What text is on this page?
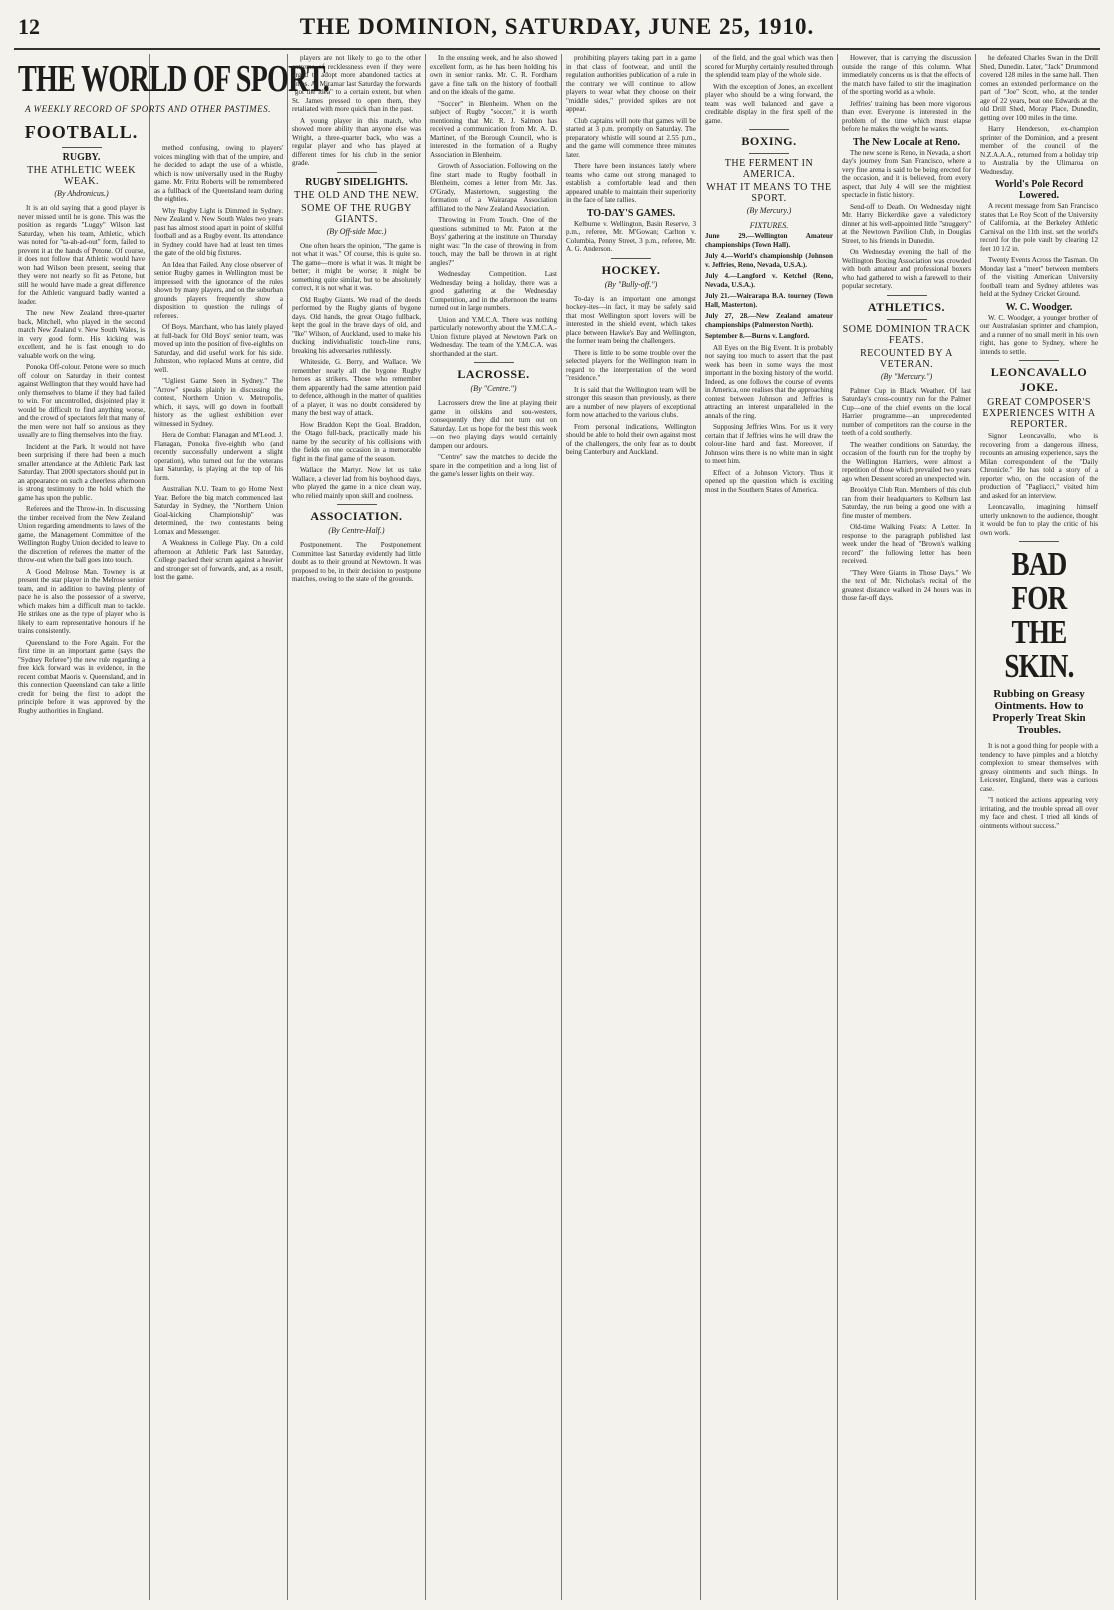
12	THE DOMINION, SATURDAY, JUNE 25, 1910.
THE WORLD OF SPORT.
A WEEKLY RECORD OF SPORTS AND OTHER PASTIMES.
FOOTBALL.
RUGBY.
THE ATHLETIC WEEK WEAK.
(By Ahdronicus.)

It is an old saying that a good player is never missed until he is gone. This was the position as regards "Luggy" Wilson last Saturday, when his team, Athletic, which was noted for "ta-ah-ad-out" form, failed to prevent it at the hands of Petone. Of course, it does not follow that Athletic would have won had Wilson been present, seeing that they were not nearly so fit as Petone, but still he would have made a great difference for the Athletic vanguard badly wanted a leader.

The new New Zealand three-quarter back, Mitchell, who played in the second match New Zealand v. New South Wales, is in very good form. His kicking was excellent, and he is fast enough to do valuable work on the wing.

Ponoka Off-colour. Petone were so much off colour on Saturday in their contest against Wellington that they would have had only themselves to blame if they had failed to win. For uncontrolled, disjointed play it would be difficult to find anything worse, and the crowd of spectators felt that many of the men were not half so anxious as they usually are to fling themselves into the fray.

Incident at the Park. It would not have been surprising if there had been a much smaller attendance at the Athletic Park last Saturday. That 2000 spectators should put in an appearance on such a cheerless afternoon is strong testimony to the hold which the game has upon the public.

Referees and the Throw-in. In discussing the timber received from the New Zealand Union regarding amendments to laws of the game, the Management Committee of the Wellington Rugby Union decided to leave to the discretion of referees the matter of the throw-out when the ball goes into touch.

A Good Melrose Man. Towney is at present the star player in the Melrose senior team, and in addition to having plenty of pace he is also the possessor of a swerve, which makes him a difficult man to tackle. He strikes one as the type of player who is likely to earn representative honours if he trains consistently.

Queensland to the Fore Again. For the first time in an important game (says the "Sydney Referee") the new rule regarding a free kick forward was in evidence, in the recent combat Maoris v. Queensland, and in this connection Queensland can take a little credit for being the first to adopt the principle before it was approved by the Rugby authorities in England.

method confusing, owing to players' voices mingling with that of the umpire, and he decided to adapt the use of a whistle, which is now universally used in the Rugby game. Mr. Fritz Roberts will be remembered as a fullback of the Queensland team during the eighties.

Why Rugby Light is Dimmed in Sydney. New Zealand v. New South Wales two years past has almost stood apart in point of skilful football and as a Rugby event. Its attendance in Sydney could have had at least ten times the gate of the old big fixtures.

An Idea that Failed. Any close observer of senior Rugby games in Wellington must be impressed with the ignorance of the rules shown by many players, and on the suburban grounds players frequently show a disposition to question the rulings of referees.

Of Boys. Marchant, who has lately played at full-back for Old Boys' senior team, was moved up into the position of five-eighths on Saturday, and did useful work for his side. Johnston, who replaced Muns at centre, did well.

"Ugliest Game Seen in Sydney." The "Arrow" speaks plainly in discussing the contest, Northern Union v. Metropolis, which, it says, will go down in football history as the ugliest exhibition ever witnessed in Sydney.

Hera de Combat: Flanagan and M'Leod. J. Flanagan, Ponoka five-eighth who (and recently successfully underwent a slight operation), who turned out for the veterans last Saturday, is playing at the top of his form.

Australian N.U. Team to go Home Next Year. Before the big match commenced last Saturday in Sydney, the "Northern Union Goal-kicking Championship" was determined, the two contestants being Lomax and Messenger.

A Weakness in College Play. On a cold afternoon at Athletic Park last Saturday, College packed their scrum against a heavier and stronger set of forwards, and, as a result, lost the game.

players are not likely to go to the other extreme of recklessness even if they were urged to adopt more abandoned tactics at times. At Miramar last Saturday the forwards "got the idea" to a certain extent, but when St. James pressed to open them, they retaliated with more quick than in the past.

A young player in this match, who showed more ability than anyone else was Wright, a three-quarter back, who was a regular player and who has played at different times for his club in the senior grade.

RUGBY SIDELIGHTS.
THE OLD AND THE NEW.
SOME OF THE RUGBY GIANTS.
(By Off-side Mac.)

One often hears the opinion, "The game is not what it was." Of course, this is quite so. The game—more is what it was. It might be better; it might be worse; it might be something quite similar, but to be absolutely correct, it is not what it was.

Old Rugby Giants. We read of the deeds performed by the Rugby giants of bygone days. Old hands, the great Otago fullback, kept the goal in the brave days of old, and "Ike" Wilson, of Auckland, used to make his ducking individualistic touch-line runs, breaking his adversaries ruthlessly.

Whiteside, G. Berry, and Wallace. We remember nearly all the bygone Rugby heroes as strikers. Those who remember them apparently had the same attention paid to defence, although in the matter of qualities of a player, it was no doubt considered by many the best way of attack.

How Braddon Kept the Goal. Braddon, the Otago full-back, practically made his name by the security of his collisions with the fields on one occasion in a memorable fight in the final game of the season.

Wallace the Martyr. Now let us take Wallace, a clever lad from his boyhood days, who played the game in a nice clean way, who relied mainly upon skill and coolness.

ASSOCIATION.
(By Centre-Half.)

Postponement. The Postponement Committee last Saturday evidently had little doubt as to their ground at Newtown. It was proposed to be, in their decision to postpone matches, owing to the state of the grounds.

In the ensuing week, and he also showed excellent form, as he has been holding his own in senior ranks. Mr. C. R. Fordham gave a fine talk on the history of football and on the ideals of the game.

"Soccer" in Blenheim. When on the subject of Rugby "soccer," it is worth mentioning that Mr. R. J. Salmon has received a communication from Mr. A. D. Martinet, of the Borough Council, who is interested in the formation of a Rugby Association in Blenheim.

Growth of Association. Following on the fine start made to Rugby football in Blenheim, comes a letter from Mr. Jas. O'Grady, Mastertown, suggesting the formation of a Wairarapa Association affiliated to the New Zealand Association.

Throwing in From Touch. One of the questions submitted to Mr. Paton at the Boys' gathering at the institute on Thursday night was: "In the case of throwing in from touch, may the ball be thrown in at right angles?"

Wednesday Competition. Last Wednesday being a holiday, there was a good gathering at the Wednesday Competition, and in the afternoon the teams turned out in large numbers.

Union and Y.M.C.A. There was nothing particularly noteworthy about the Y.M.C.A.-Union fixture played at Newtown Park on Wednesday. The team of the Y.M.C.A. was shorthanded at the start.

LACROSSE.
(By "Centre.")

Lacrossers drew the line at playing their game in oilskins and sou-westers, consequently they did not turn out on Saturday. Let us hope for the best this week—on two playing days would certainly dampen our ardours.

"Centre" saw the matches to decide the spare in the competition and a long list of the game's lesser lights on their way.

prohibiting players taking part in a game in that class of footwear, and until the regulation authorities publication of a rule in the contrary we will continue to allow players to wear what they choose on their "middle sides," provided spikes are not appear.

Club captains will note that games will be started at 3 p.m. promptly on Saturday. The preparatory whistle will sound at 2.55 p.m., and the game will commence three minutes later.

There have been instances lately where teams who came out strong managed to establish a comfortable lead and then appeared unable to maintain their superiority in the face of late rallies.

TO-DAY'S GAMES.

Kelburne v. Wellington, Basin Reserve, 3 p.m., referee, Mr. M'Gowan; Carlton v. Columbia, Penny Street, 3 p.m., referee, Mr. A. G. Anderson.

HOCKEY.
(By "Bully-off.")

To-day is an important one amongst hockey-ites—in fact, it may be safely said that most Wellington sport lovers will be interested in the shield event, which takes place between Hawke's Bay and Wellington, the former team being the challengers.

There is little to be some trouble over the selected players for the Wellington team in regard to the interpretation of the word "residence."

It is said that the Wellington team will be stronger this season than previously, as there are a number of new players of exceptional form now attached to the various clubs.

From personal indications, Wellington should be able to hold their own against most of the challengers, the only fear as to doubt being Canterbury and Auckland.

of the field, and the goal which was then scored for Murphy certainly resulted through the splendid team play of the whole side.

With the exception of Jones, an excellent player who should be a wing forward, the team was well balanced and gave a creditable display in the first spell of the game.

BOXING.
THE FERMENT IN AMERICA.
WHAT IT MEANS TO THE SPORT.
(By Mercury.)
FIXTURES.

June 29.—Wellington Amateur championships (Town Hall).

July 4.—World's championship (Johnson v. Jeffries, Reno, Nevada, U.S.A.).

July 4.—Langford v. Ketchel (Reno, Nevada, U.S.A.).

July 21.—Wairarapa B.A. tourney (Town Hall, Masterton).

July 27, 28.—New Zealand amateur championships (Palmerston North).

September 8.—Burns v. Langford.

All Eyes on the Big Event. It is probably not saying too much to assert that the past week has been in some ways the most important in the boxing history of the world. Indeed, as one follows the course of events in America, one realises that the approaching contest between Johnson and Jeffries is attracting an interest unparalleled in the annals of the ring.

Supposing Jeffries Wins. For us it very certain that if Jeffries wins he will draw the colour-line hard and fast. Moreover, if Johnson wins there is no white man in sight to meet him.

Effect of a Johnson Victory. Thus it opened up the question which is exciting most in the Southern States of America.

However, that is carrying the discussion outside the range of this column. What immediately concerns us is that the effects of the match have failed to stir the imagination of the sporting world as a whole.

Jeffries' training has been more vigorous than ever. Everyone is interested in the problem of the time which must elapse before he makes the weight he wants.

The New Locale at Reno.

The new scene is Reno, in Nevada, a short day's journey from San Francisco, where a very fine arena is said to be being erected for the occasion, and it is believed, from every aspect, that July 4 will see the mightiest spectacle in fistic history.

Send-off to Death. On Wednesday night Mr. Harry Bickerdike gave a valedictory dinner at his well-appointed little "snuggery" at the Newtown Pavilion Club, in Douglas Street, to his friends in Dunedin.

On Wednesday evening the hall of the Wellington Boxing Association was crowded with both amateur and professional boxers who had gathered to wish a farewell to their popular secretary.

ATHLETICS.
SOME DOMINION TRACK FEATS.
RECOUNTED BY A VETERAN.
(By "Mercury.")

Palmer Cup in Black Weather. Of last Saturday's cross-country run for the Palmer Cup—one of the chief events on the local Harrier programme—an unprecedented number of competitors ran the course in the teeth of a cold southerly.

The weather conditions on Saturday, the occasion of the fourth run for the trophy by the Wellington Harriers, were almost a repetition of those which prevailed two years ago when Dessent scored an unexpected win.

Brooklyn Club Run. Members of this club ran from their headquarters to Kelburn last Saturday, the run being a good one with a fine muster of members.

Old-time Walking Feats: A Letter. In response to the paragraph published last week under the head of "Brown's walking record" the following letter has been received.

"They Were Giants in Those Days." We the text of Mr. Nicholas's recital of the greatest distance walked in 24 hours was in those far-off days.

he defeated Charles Swan in the Drill Shed, Dunedin. Later, "Jack" Drummond covered 128 miles in the same hall. Then comes an extended performance on the part of "Joe" Scott, who, at the tender age of 22 years, beat one Edwards at the old Drill Shed, Moray Place, Dunedin, getting over 100 miles in the time.

Harry Henderson, ex-champion sprinter of the Dominion, and a present member of the council of the N.Z.A.A.A., returned from a holiday trip to Australia by the Ulimaroa on Wednesday.

World's Pole Record Lowered.

A recent message from San Francisco states that Le Roy Scott of the University of California, at the Berkeley Athletic Carnival on the 11th inst. set the world's record for the pole vault by clearing 12 feet 10 1/2 in.

Twenty Events Across the Tasman. On Monday last a "meet" between members of the visiting American University football team and Sydney athletes was held at the Sydney Cricket Ground.

W. C. Woodger.

W. C. Woodger, a younger brother of our Australasian sprinter and champion, and a runner of no small merit in his own right, has gone to Sydney, where he intends to settle.

LEONCAVALLO JOKE.
GREAT COMPOSER'S EXPERIENCES WITH A REPORTER.

Signor Leoncavallo, who is recovering from a dangerous illness, recounts an amusing experience, says the Milan correspondent of the "Daily Chronicle." He has told a story of a reporter who, on the occasion of the production of "Pagliacci," visited him and asked for an interview.

Leoncavallo, imagining himself utterly unknown to the audience, thought it would be fun to play the critic of his own work.

BAD FOR THE SKIN.
Rubbing on Greasy Ointments. How to Properly Treat Skin Troubles.

It is not a good thing for people with a tendency to have pimples and a blotchy complexion to smear themselves with greasy ointments and such things. In Leicester, England, there was a curious case.

"I noticed the actions appearing very irritating, and the trouble spread all over my face and chest. I tried all kinds of ointments without success."
